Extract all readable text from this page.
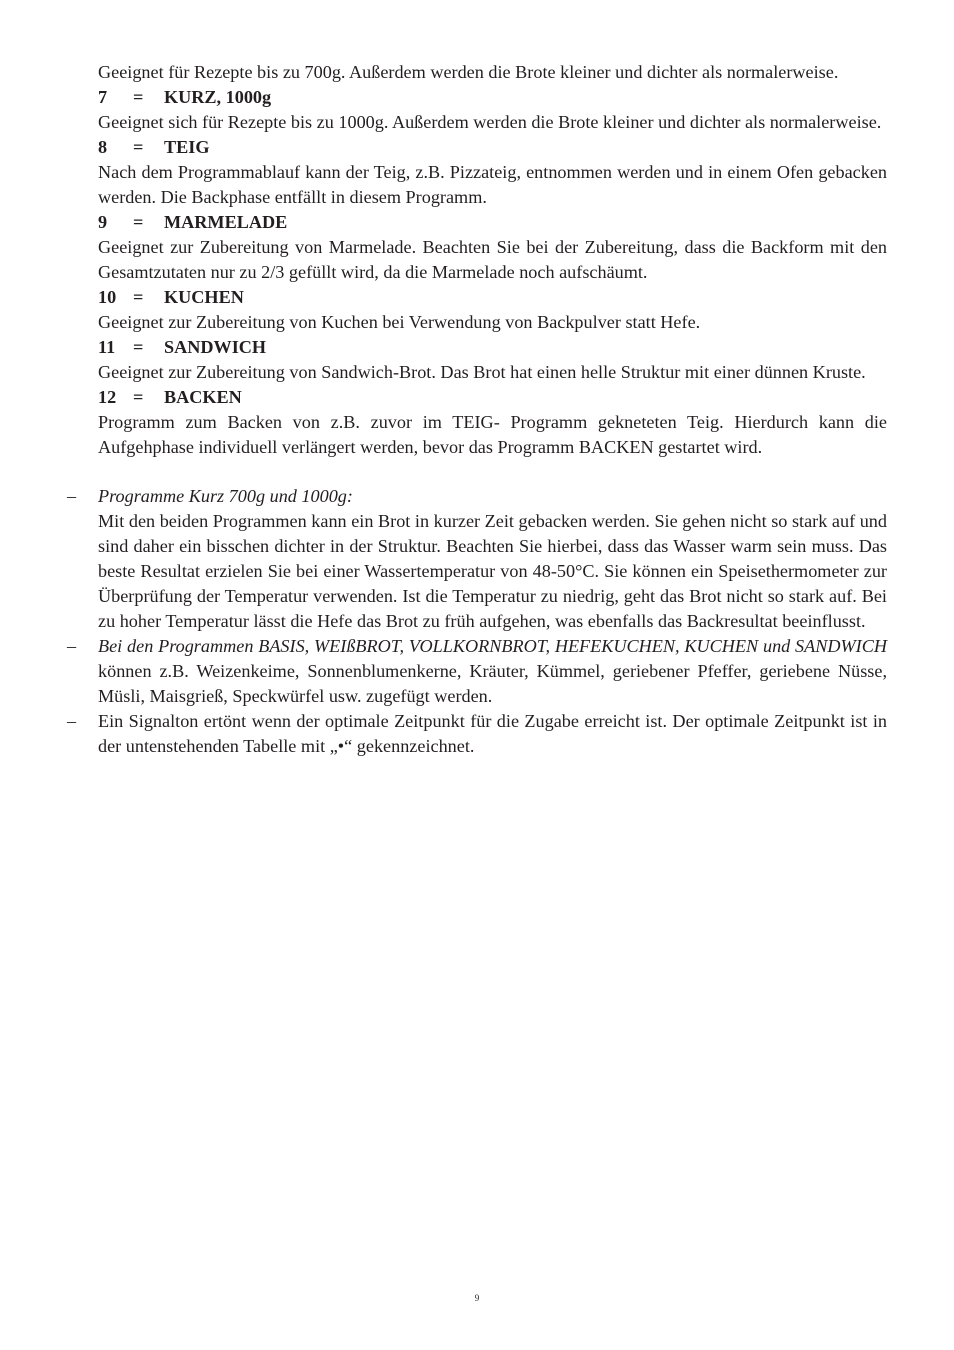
Geeignet für Rezepte bis zu 700g. Außerdem werden die Brote kleiner und dichter als normalerweise.

7	=	KURZ, 1000g

Geeignet sich für Rezepte bis zu 1000g. Außerdem werden die Brote kleiner und dichter als normalerweise.

8	=	TEIG

Nach dem Programmablauf kann der Teig, z.B. Pizzateig, entnommen werden und in einem Ofen gebacken werden. Die Backphase entfällt in diesem Programm.

9	=	MARMELADE

Geeignet zur Zubereitung von Marmelade. Beachten Sie bei der Zubereitung, dass die Backform mit den Gesamtzutaten nur zu 2/3 gefüllt wird, da die Marmelade noch aufschäumt.

10 =	KUCHEN

Geeignet zur Zubereitung von Kuchen bei Verwendung von Backpulver statt Hefe.

11 =	SANDWICH

Geeignet zur Zubereitung von Sandwich-Brot. Das Brot hat einen helle Struktur mit einer dünnen Kruste.

12 =	BACKEN

Programm zum Backen von z.B. zuvor im TEIG- Programm gekneteten Teig. Hierdurch kann die Aufgehphase individuell verlängert werden, bevor das Programm BACKEN gestartet wird.

– Programme Kurz 700g und 1000g:

Mit den beiden Programmen kann ein Brot in kurzer Zeit gebacken werden. Sie gehen nicht so stark auf und sind daher ein bisschen dichter in der Struktur. Beachten Sie hierbei, dass das Wasser warm sein muss. Das beste Resultat erzielen Sie bei einer Wassertemperatur von 48-50°C. Sie können ein Speisethermometer zur Überprüfung der Temperatur verwenden. Ist die Temperatur zu niedrig, geht das Brot nicht so stark auf. Bei zu hoher Temperatur lässt die Hefe das Brot zu früh aufgehen, was ebenfalls das Backresultat beeinflusst.

– Bei den Programmen BASIS, WEIßBROT, VOLLKORNBROT, HEFEKUCHEN, KUCHEN und SANDWICH können z.B. Weizenkeime, Sonnenblumenkerne, Kräuter, Kümmel, geriebener Pfeffer, geriebene Nüsse, Müsli, Maisgrieß, Speckwürfel usw. zugefügt werden.

– Ein Signalton ertönt wenn der optimale Zeitpunkt für die Zugabe erreicht ist. Der optimale Zeitpunkt ist in der untenstehenden Tabelle mit „•“ gekennzeichnet.

9
